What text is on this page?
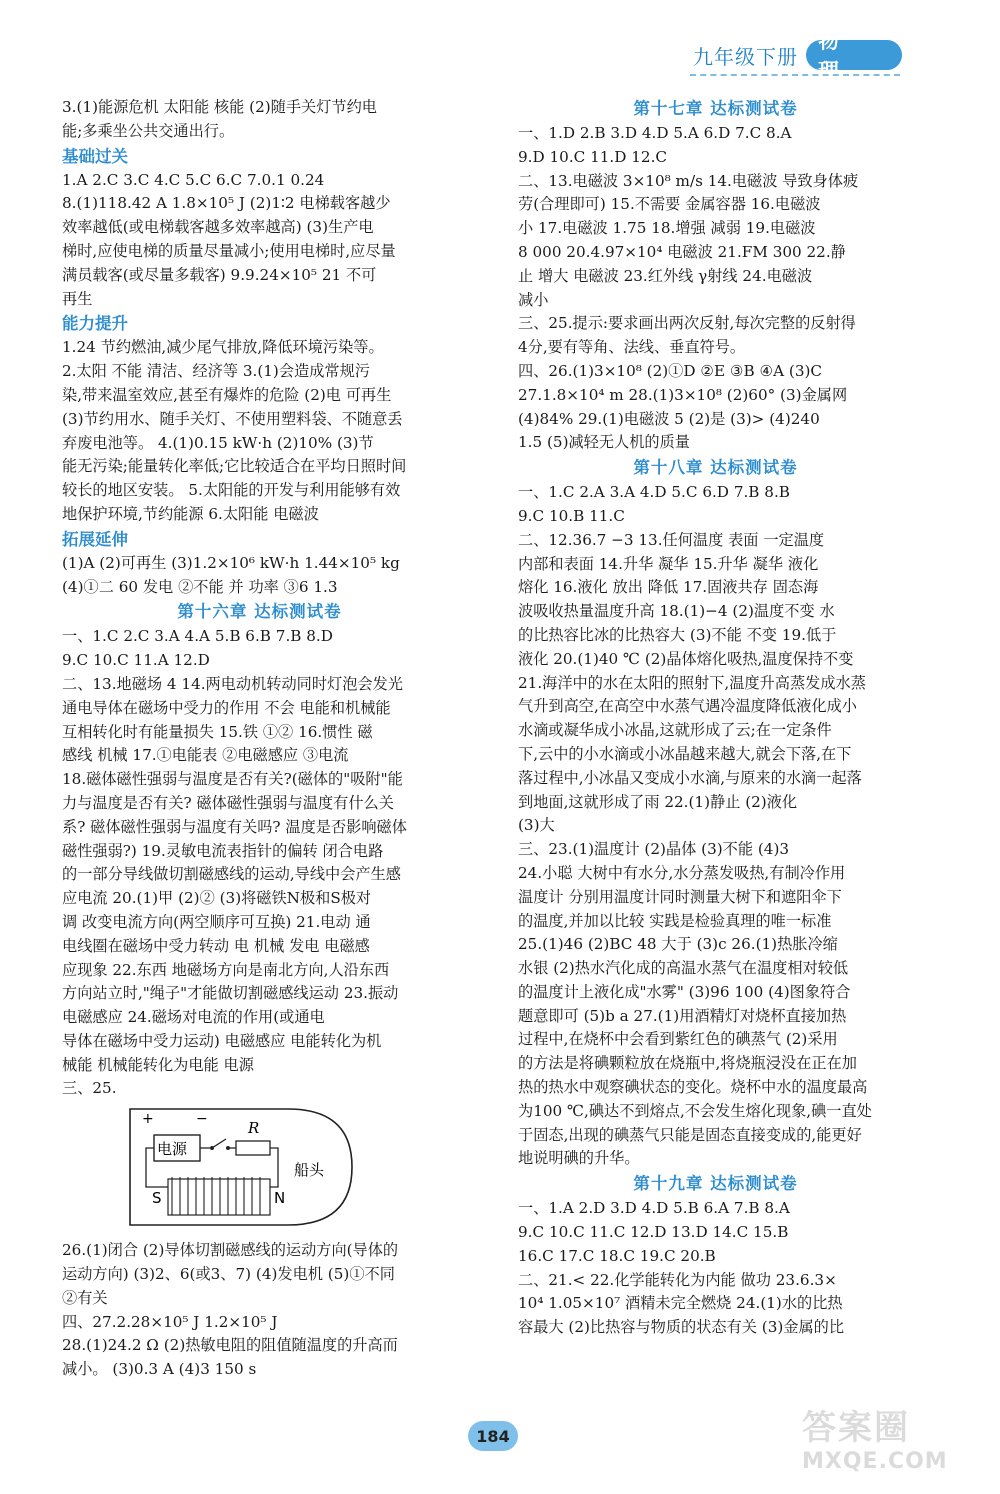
九年级下册
物 理
3.(1)能源危机 太阳能 核能 (2)随手关灯节约电
能;多乘坐公共交通出行。
基础过关
1.A 2.C 3.C 4.C 5.C 6.C 7.0.1 0.24
8.(1)118.42 A 1.8×10⁵ J (2)1∶2 电梯载客越少
效率越低(或电梯载客越多效率越高) (3)生产电
梯时,应使电梯的质量尽量减小;使用电梯时,应尽量
满员载客(或尽量多载客) 9.9.24×10⁵ 21 不可
再生
能力提升
1.24 节约燃油,减少尾气排放,降低环境污染等。
2.太阳 不能 清洁、经济等 3.(1)会造成常规污
染,带来温室效应,甚至有爆炸的危险 (2)电 可再生
(3)节约用水、随手关灯、不使用塑料袋、不随意丢
弃废电池等。 4.(1)0.15 kW·h (2)10% (3)节
能无污染;能量转化率低;它比较适合在平均日照时间
较长的地区安装。 5.太阳能的开发与利用能够有效
地保护环境,节约能源 6.太阳能 电磁波
拓展延伸
(1)A (2)可再生 (3)1.2×10⁶ kW·h 1.44×10⁵ kg
(4)①二 60 发电 ②不能 并 功率 ③6 1.3
第十六章 达标测试卷
一、1.C 2.C 3.A 4.A 5.B 6.B 7.B 8.D
9.C 10.C 11.A 12.D
二、13.地磁场 4 14.两电动机转动同时灯泡会发光
通电导体在磁场中受力的作用 不会 电能和机械能
互相转化时有能量损失 15.铁 ①② 16.惯性 磁
感线 机械 17.①电能表 ②电磁感应 ③电流
18.磁体磁性强弱与温度是否有关?(磁体的"吸附"能
力与温度是否有关? 磁体磁性强弱与温度有什么关
系? 磁体磁性强弱与温度有关吗? 温度是否影响磁体
磁性强弱?) 19.灵敏电流表指针的偏转 闭合电路
的一部分导线做切割磁感线的运动,导线中会产生感
应电流 20.(1)甲 (2)② (3)将磁铁N极和S极对
调 改变电流方向(两空顺序可互换) 21.电动 通
电线圈在磁场中受力转动 电 机械 发电 电磁感
应现象 22.东西 地磁场方向是南北方向,人沿东西
方向站立时,"绳子"才能做切割磁感线运动 23.振动
电磁感应 24.磁场对电流的作用(或通电
导体在磁场中受力运动) 电磁感应 电能转化为机
械能 机械能转化为电能 电源
三、25.
+	−
电源
R
S	N
船头
26.(1)闭合 (2)导体切割磁感线的运动方向(导体的
运动方向) (3)2、6(或3、7) (4)发电机 (5)①不同
②有关
四、27.2.28×10⁵ J 1.2×10⁵ J
28.(1)24.2 Ω (2)热敏电阻的阻值随温度的升高而
减小。 (3)0.3 A (4)3 150 s
第十七章 达标测试卷
一、1.D 2.B 3.D 4.D 5.A 6.D 7.C 8.A
9.D 10.C 11.D 12.C
二、13.电磁波 3×10⁸ m/s 14.电磁波 导致身体疲
劳(合理即可) 15.不需要 金属容器 16.电磁波
小 17.电磁波 1.75 18.增强 减弱 19.电磁波
8 000 20.4.97×10⁴ 电磁波 21.FM 300 22.静
止 增大 电磁波 23.红外线 γ射线 24.电磁波
减小
三、25.提示:要求画出两次反射,每次完整的反射得
4分,要有等角、法线、垂直符号。
四、26.(1)3×10⁸ (2)①D ②E ③B ④A (3)C
27.1.8×10⁴ m 28.(1)3×10⁸ (2)60° (3)金属网
(4)84% 29.(1)电磁波 5 (2)是 (3)> (4)240
1.5 (5)减轻无人机的质量
第十八章 达标测试卷
一、1.C 2.A 3.A 4.D 5.C 6.D 7.B 8.B
9.C 10.B 11.C
二、12.36.7 −3 13.任何温度 表面 一定温度
内部和表面 14.升华 凝华 15.升华 凝华 液化
熔化 16.液化 放出 降低 17.固液共存 固态海
波吸收热量温度升高 18.(1)−4 (2)温度不变 水
的比热容比冰的比热容大 (3)不能 不变 19.低于
液化 20.(1)40 ℃ (2)晶体熔化吸热,温度保持不变
21.海洋中的水在太阳的照射下,温度升高蒸发成水蒸
气升到高空,在高空中水蒸气遇冷温度降低液化成小
水滴或凝华成小冰晶,这就形成了云;在一定条件
下,云中的小水滴或小冰晶越来越大,就会下落,在下
落过程中,小冰晶又变成小水滴,与原来的水滴一起落
到地面,这就形成了雨 22.(1)静止 (2)液化
(3)大
三、23.(1)温度计 (2)晶体 (3)不能 (4)3
24.小聪 大树中有水分,水分蒸发吸热,有制冷作用
温度计 分别用温度计同时测量大树下和遮阳伞下
的温度,并加以比较 实践是检验真理的唯一标准
25.(1)46 (2)BC 48 大于 (3)c 26.(1)热胀冷缩
水银 (2)热水汽化成的高温水蒸气在温度相对较低
的温度计上液化成"水雾" (3)96 100 (4)图象符合
题意即可 (5)b a 27.(1)用酒精灯对烧杯直接加热
过程中,在烧杯中会看到紫红色的碘蒸气 (2)采用
的方法是将碘颗粒放在烧瓶中,将烧瓶浸没在正在加
热的热水中观察碘状态的变化。烧杯中水的温度最高
为100 ℃,碘达不到熔点,不会发生熔化现象,碘一直处
于固态,出现的碘蒸气只能是固态直接变成的,能更好
地说明碘的升华。
第十九章 达标测试卷
一、1.A 2.D 3.D 4.D 5.B 6.A 7.B 8.A
9.C 10.C 11.C 12.D 13.D 14.C 15.B
16.C 17.C 18.C 19.C 20.B
二、21.< 22.化学能转化为内能 做功 23.6.3×
10⁴ 1.05×10⁷ 酒精未完全燃烧 24.(1)水的比热
容最大 (2)比热容与物质的状态有关 (3)金属的比
184	答案圈
MXQE.COM
